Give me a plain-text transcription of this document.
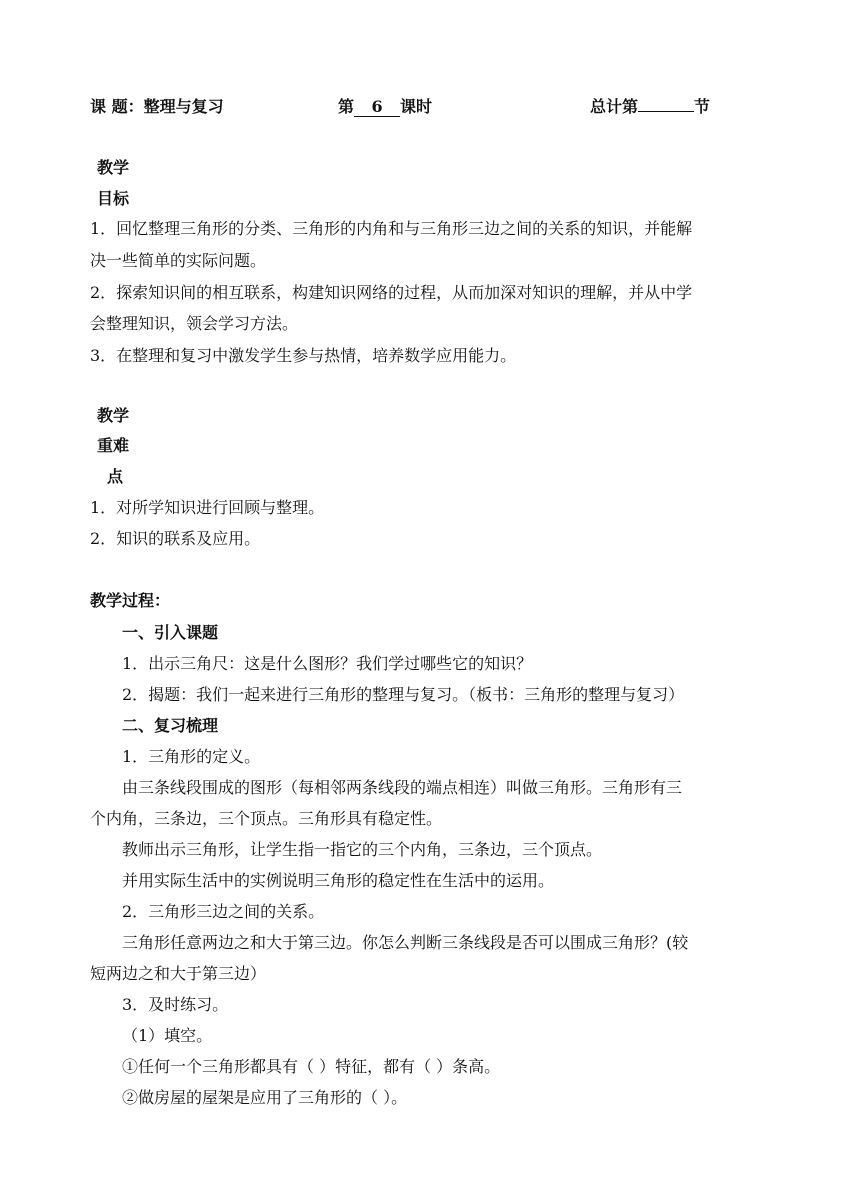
课 题：整理与复习	第 6 课时	总计第	节
教学
目标
1．回忆整理三角形的分类、三角形的内角和与三角形三边之间的关系的知识，并能解
决一些简单的实际问题。
2．探索知识间的相互联系，构建知识网络的过程，从而加深对知识的理解，并从中学
会整理知识，领会学习方法。
3．在整理和复习中激发学生参与热情，培养数学应用能力。
教学
重难
点
1．对所学知识进行回顾与整理。
2．知识的联系及应用。
教学过程：
一、引入课题
1．出示三角尺：这是什么图形？我们学过哪些它的知识？
2．揭题：我们一起来进行三角形的整理与复习。（板书：三角形的整理与复习）
二、复习梳理
1．三角形的定义。
由三条线段围成的图形（每相邻两条线段的端点相连）叫做三角形。三角形有三
个内角，三条边，三个顶点。三角形具有稳定性。
教师出示三角形，让学生指一指它的三个内角，三条边，三个顶点。
并用实际生活中的实例说明三角形的稳定性在生活中的运用。
2．三角形三边之间的关系。
三角形任意两边之和大于第三边。你怎么判断三条线段是否可以围成三角形？(较
短两边之和大于第三边）
3．及时练习。
（1）填空。
①任何一个三角形都具有（ ）特征，都有（ ）条高。
②做房屋的屋架是应用了三角形的（ ）。
